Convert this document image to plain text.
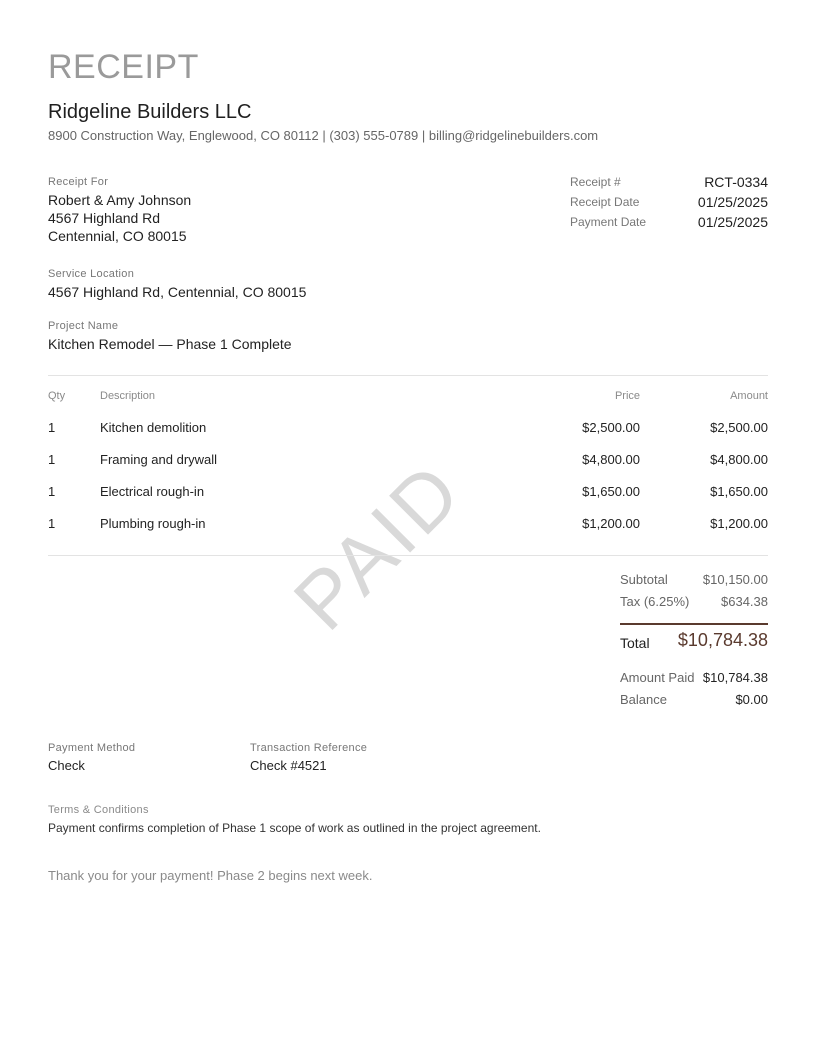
RECEIPT
Ridgeline Builders LLC
8900 Construction Way, Englewood, CO 80112 | (303) 555-0789 | billing@ridgelinebuilders.com
Receipt For
Robert & Amy Johnson
4567 Highland Rd
Centennial, CO 80015
Receipt #	RCT-0334
Receipt Date	01/25/2025
Payment Date	01/25/2025
Service Location
4567 Highland Rd, Centennial, CO 80015
Project Name
Kitchen Remodel — Phase 1 Complete
PAID
Qty	Description	Price	Amount
1	Kitchen demolition	$2,500.00	$2,500.00
1	Framing and drywall	$4,800.00	$4,800.00
1	Electrical rough-in	$1,650.00	$1,650.00
1	Plumbing rough-in	$1,200.00	$1,200.00
Subtotal	$10,150.00
Tax (6.25%) $634.38
Total $10,784.38
Amount Paid $10,784.38
Balance	$0.00
Payment Method
Check
Transaction Reference
Check #4521
Terms & Conditions
Payment confirms completion of Phase 1 scope of work as outlined in the project agreement.
Thank you for your payment! Phase 2 begins next week.
